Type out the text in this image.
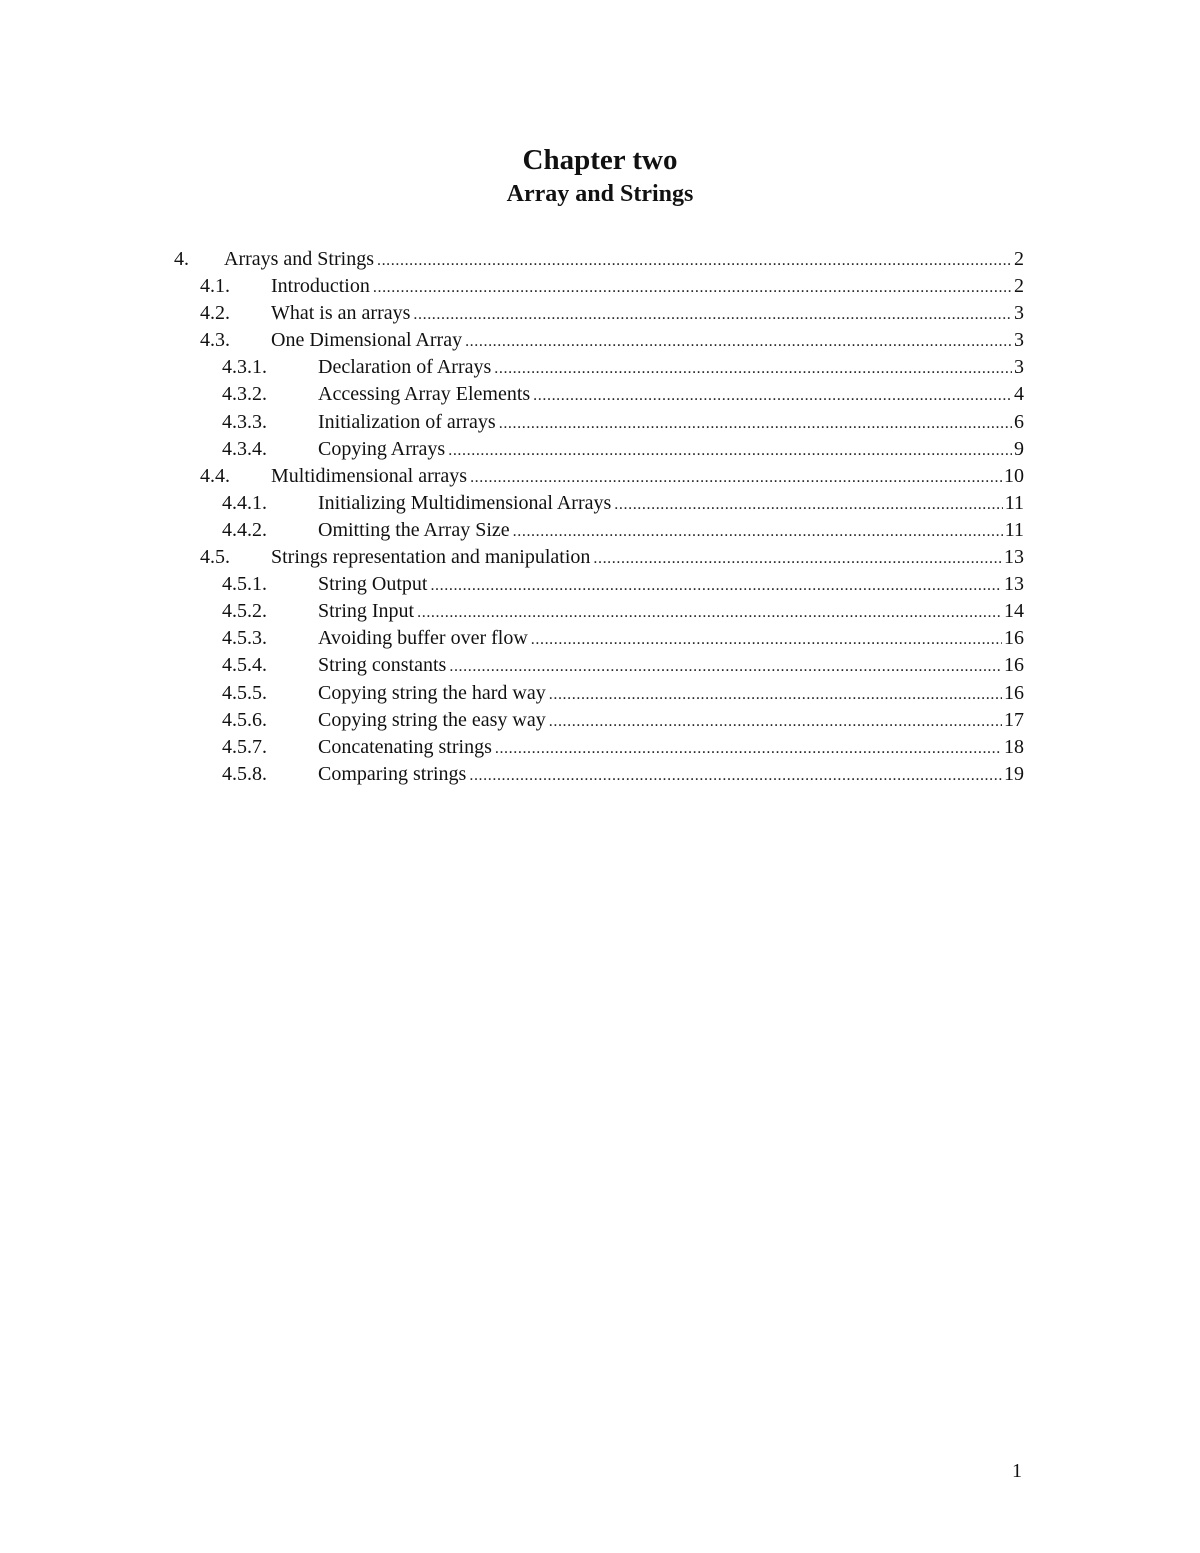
Chapter two
Array and Strings
4. Arrays and Strings .....	2
4.1. Introduction .....	2
4.2. What is an arrays .....	3
4.3. One Dimensional Array .....	3
4.3.1.	Declaration of Arrays .....	3
4.3.2.	Accessing Array Elements .....	4
4.3.3.	Initialization of arrays .....	6
4.3.4.	Copying Arrays .....	9
4.4. Multidimensional arrays .....	10
4.4.1.	Initializing Multidimensional Arrays .....	11
4.4.2.	Omitting the Array Size .....	11
4.5. Strings representation and manipulation .....	13
4.5.1.	String Output .....	13
4.5.2.	String Input .....	14
4.5.3.	Avoiding buffer over flow .....	16
4.5.4.	String constants .....	16
4.5.5.	Copying string the hard way .....	16
4.5.6.	Copying string the easy way .....	17
4.5.7.	Concatenating strings .....	18
4.5.8.	Comparing strings .....	19
1
